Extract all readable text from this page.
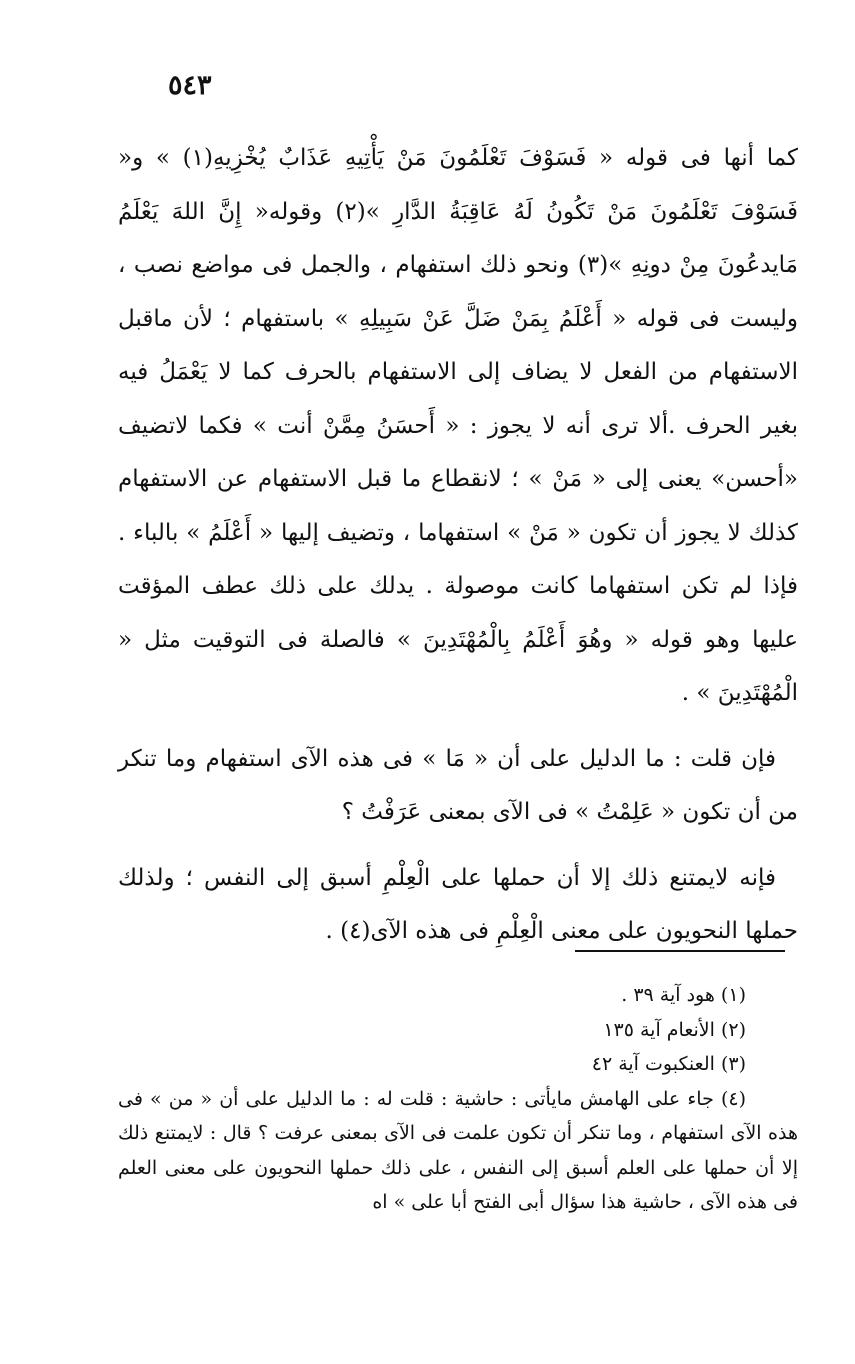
٥٤٣

كما أنها فى قوله « فَسَوْفَ تَعْلَمُونَ مَنْ يَأْتِيهِ عَذَابٌ يُخْزِيهِ(١) » و« فَسَوْفَ تَعْلَمُونَ مَنْ تَكُونُ لَهُ عَاقِبَةُ الدَّارِ »(٢) وقوله« إِنَّ اللهَ يَعْلَمُ مَايدعُونَ مِنْ دونِهِ »(٣) ونحو ذلك استفهام ، والجمل فى مواضع نصب ، وليست فى قوله « أَعْلَمُ بِمَنْ ضَلَّ عَنْ سَبِيلِهِ » باستفهام ؛ لأن ماقبل الاستفهام من الفعل لا يضاف إلى الاستفهام بالحرف كما لا يَعْمَلُ فيه بغير الحرف .ألا ترى أنه لا يجوز : « أَحسَنُ مِمَّنْ أنت » فكما لاتضيف «أحسن» يعنى إلى « مَنْ » ؛ لانقطاع ما قبل الاستفهام عن الاستفهام كذلك لا يجوز أن تكون « مَنْ » استفهاما ، وتضيف إليها « أَعْلَمُ » بالباء . فإذا لم تكن استفهاما كانت موصولة . يدلك على ذلك عطف المؤقت عليها وهو قوله « وهُوَ أَعْلَمُ بِالْمُهْتَدِينَ » فالصلة فى التوقيت مثل « الْمُهْتَدِينَ » .

فإن قلت : ما الدليل على أن « مَا » فى هذه الآى استفهام وما تنكر من أن تكون « عَلِمْتُ » فى الآى بمعنى عَرَفْتُ ؟

فإنه لايمتنع ذلك إلا أن حملها على الْعِلْمِ أسبق إلى النفس ؛ ولذلك حملها النحويون على معنى الْعِلْمِ فى هذه الآى(٤) .

(١) هود آية ٣٩ .

(٢) الأنعام آية ١٣٥

(٣) العنكبوت آية ٤٢

(٤) جاء على الهامش مايأتى : حاشية : قلت له : ما الدليل على أن « من » فى هذه الآى استفهام ، وما تنكر أن تكون علمت فى الآى بمعنى عرفت ؟ قال : لايمتنع ذلك إلا أن حملها على العلم أسبق إلى النفس ، على ذلك حملها النحويون على معنى العلم فى هذه الآى ، حاشية هذا سؤال أبى الفتح أبا على » اه
